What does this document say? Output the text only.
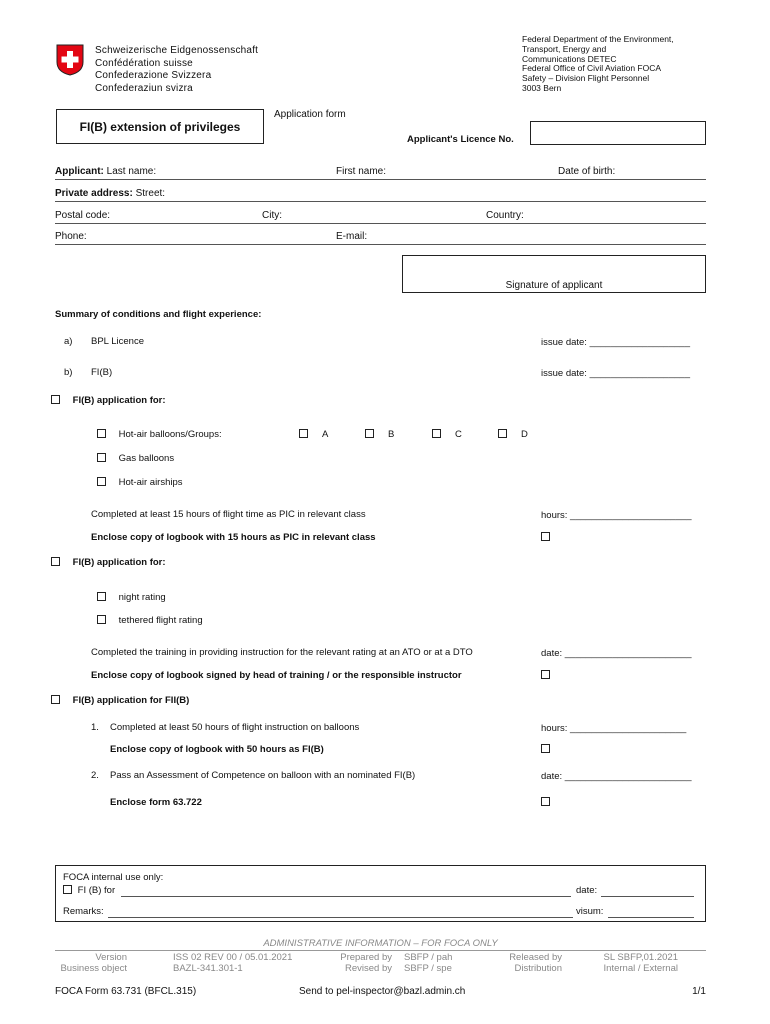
Schweizerische Eidgenossenschaft
Confédération suisse
Confederazione Svizzera
Confederaziun svizra
Federal Department of the Environment,
Transport, Energy and
Communications DETEC
Federal Office of Civil Aviation FOCA
Safety – Division Flight Personnel
3003 Bern
Application form
FI(B) extension of privileges
Applicant's Licence No.
Applicant: Last name:	First name:	Date of birth:
Private address: Street:
Postal code:	City:	Country:
Phone:	E-mail:
Signature of applicant
Summary of conditions and flight experience:
a) BPL Licence	issue date: ___________________
b) FI(B)	issue date: ___________________
FI(B) application for:
Hot-air balloons/Groups:	A	B	C	D
Gas balloons
Hot-air airships
Completed at least 15 hours of flight time as PIC in relevant class	hours: _______________________
Enclose copy of logbook with 15 hours as PIC in relevant class
FI(B) application for:
night rating
tethered flight rating
Completed the training in providing instruction for the relevant rating at an ATO or at a DTO	date: ________________________
Enclose copy of logbook signed by head of training / or the responsible instructor
FI(B) application for FII(B)
1. Completed at least 50 hours of flight instruction on balloons	hours: ______________________
Enclose copy of logbook with 50 hours as FI(B)
2. Pass an Assessment of Competence on balloon with an nominated FI(B)	date: ________________________
Enclose form 63.722
FOCA internal use only:
FI (B) for	date:
Remarks:	visum:
ADMINISTRATIVE INFORMATION – FOR FOCA ONLY
Version	ISS 02 REV 00 / 05.01.2021	Prepared by SBFP / pah	Released by	SL SBFP,01.2021
Business object	BAZL-341.301-1	Revised by SBFP / spe	Distribution	Internal / External
FOCA Form 63.731 (BFCL.315)	Send to pel-inspector@bazl.admin.ch	1/1
